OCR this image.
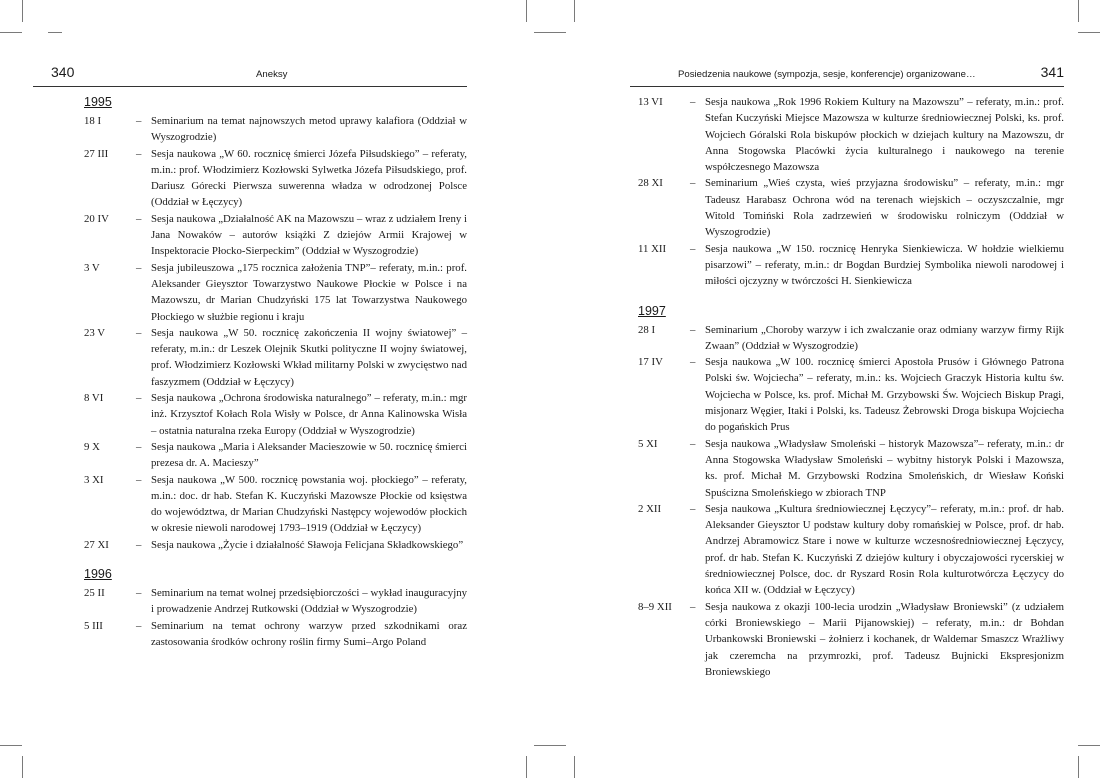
340	Aneksy
1995
18 I	– Seminarium na temat najnowszych metod uprawy kalafiora (Oddział w Wyszogrodzie)
27 III	– Sesja naukowa „W 60. rocznicę śmierci Józefa Piłsudskiego” – referaty, m.in.: prof. Włodzimierz Kozłowski Sylwetka Józefa Piłsudskiego, prof. Dariusz Górecki Pierwsza suwerenna władza w odrodzonej Polsce (Oddział w Łęczycy)
20 IV	– Sesja naukowa „Działalność AK na Mazowszu – wraz z udziałem Ireny i Jana Nowaków – autorów książki Z dziejów Armii Krajowej w Inspektoracie Płocko-Sierpeckim” (Oddział w Wyszogrodzie)
3 V	– Sesja jubileuszowa „175 rocznica założenia TNP”– referaty, m.in.: prof. Aleksander Gieysztor Towarzystwo Naukowe Płockie w Polsce i na Mazowszu, dr Marian Chudzyński 175 lat Towarzystwa Naukowego Płockiego w służbie regionu i kraju
23 V	– Sesja naukowa „W 50. rocznicę zakończenia II wojny światowej” – referaty, m.in.: dr Leszek Olejnik Skutki polityczne II wojny światowej, prof. Włodzimierz Kozłowski Wkład militarny Polski w zwycięstwo nad faszyzmem (Oddział w Łęczycy)
8 VI	– Sesja naukowa „Ochrona środowiska naturalnego” – referaty, m.in.: mgr inż. Krzysztof Kołach Rola Wisły w Polsce, dr Anna Kalinowska Wisła – ostatnia naturalna rzeka Europy (Oddział w Wyszogrodzie)
9 X	– Sesja naukowa „Maria i Aleksander Macieszowie w 50. rocznicę śmierci prezesa dr. A. Macieszy”
3 XI	– Sesja naukowa „W 500. rocznicę powstania woj. płockiego” – referaty, m.in.: doc. dr hab. Stefan K. Kuczyński Mazowsze Płockie od księstwa do województwa, dr Marian Chudzyński Następcy wojewodów płockich w okresie niewoli narodowej 1793–1919 (Oddział w Łęczycy)
27 XI	– Sesja naukowa „Życie i działalność Sławoja Felicjana Składkowskiego”
1996
25 II	– Seminarium na temat wolnej przedsiębiorczości – wykład inauguracyjny i prowadzenie Andrzej Rutkowski (Oddział w Wyszogrodzie)
5 III	– Seminarium na temat ochrony warzyw przed szkodnikami oraz zastosowania środków ochrony roślin firmy Sumi–Argo Poland
Posiedzenia naukowe (sympozja, sesje, konferencje) organizowane…	341
13 VI	– Sesja naukowa „Rok 1996 Rokiem Kultury na Mazowszu” – referaty, m.in.: prof. Stefan Kuczyński Miejsce Mazowsza w kulturze średniowiecznej Polski, ks. prof. Wojciech Góralski Rola biskupów płockich w dziejach kultury na Mazowszu, dr Anna Stogowska Placówki życia kulturalnego i naukowego na terenie współczesnego Mazowsza
28 XI	– Seminarium „Wieś czysta, wieś przyjazna środowisku” – referaty, m.in.: mgr Tadeusz Harabasz Ochrona wód na terenach wiejskich – oczyszczalnie, mgr Witold Tomiński Rola zadrzewień w środowisku rolniczym (Oddział w Wyszogrodzie)
11 XII	– Sesja naukowa „W 150. rocznicę Henryka Sienkiewicza. W hołdzie wielkiemu pisarzowi” – referaty, m.in.: dr Bogdan Burdziej Symbolika niewoli narodowej i miłości ojczyzny w twórczości H. Sienkiewicza
1997
28 I	– Seminarium „Choroby warzyw i ich zwalczanie oraz odmiany warzyw firmy Rijk Zwaan” (Oddział w Wyszogrodzie)
17 IV	– Sesja naukowa „W 100. rocznicę śmierci Apostoła Prusów i Głównego Patrona Polski św. Wojciecha” – referaty, m.in.: ks. Wojciech Graczyk Historia kultu św. Wojciecha w Polsce, ks. prof. Michał M. Grzybowski Św. Wojciech Biskup Pragi, misjonarz Węgier, Itaki i Polski, ks. Tadeusz Żebrowski Droga biskupa Wojciecha do pogańskich Prus
5 XI	– Sesja naukowa „Władysław Smoleński – historyk Mazowsza”– referaty, m.in.: dr Anna Stogowska Władysław Smoleński – wybitny historyk Polski i Mazowsza, ks. prof. Michał M. Grzybowski Rodzina Smoleńskich, dr Wiesław Koński Spuścizna Smoleńskiego w zbiorach TNP
2 XII	– Sesja naukowa „Kultura średniowiecznej Łęczycy”– referaty, m.in.: prof. dr hab. Aleksander Gieysztor U podstaw kultury doby romańskiej w Polsce, prof. dr hab. Andrzej Abramowicz Stare i nowe w kulturze wczesnośredniowiecznej Łęczycy, prof. dr hab. Stefan K. Kuczyński Z dziejów kultury i obyczajowości rycerskiej w średniowiecznej Polsce, doc. dr Ryszard Rosin Rola kulturotwórcza Łęczycy do końca XII w. (Oddział w Łęczycy)
8–9 XII	– Sesja naukowa z okazji 100-lecia urodzin „Władysław Broniewski” (z udziałem córki Broniewskiego – Marii Pijanowskiej) – referaty, m.in.: dr Bohdan Urbankowski Broniewski – żołnierz i kochanek, dr Waldemar Smaszcz Wrażliwy jak czeremcha na przymrozki, prof. Tadeusz Bujnicki Ekspresjonizm Broniewskiego
